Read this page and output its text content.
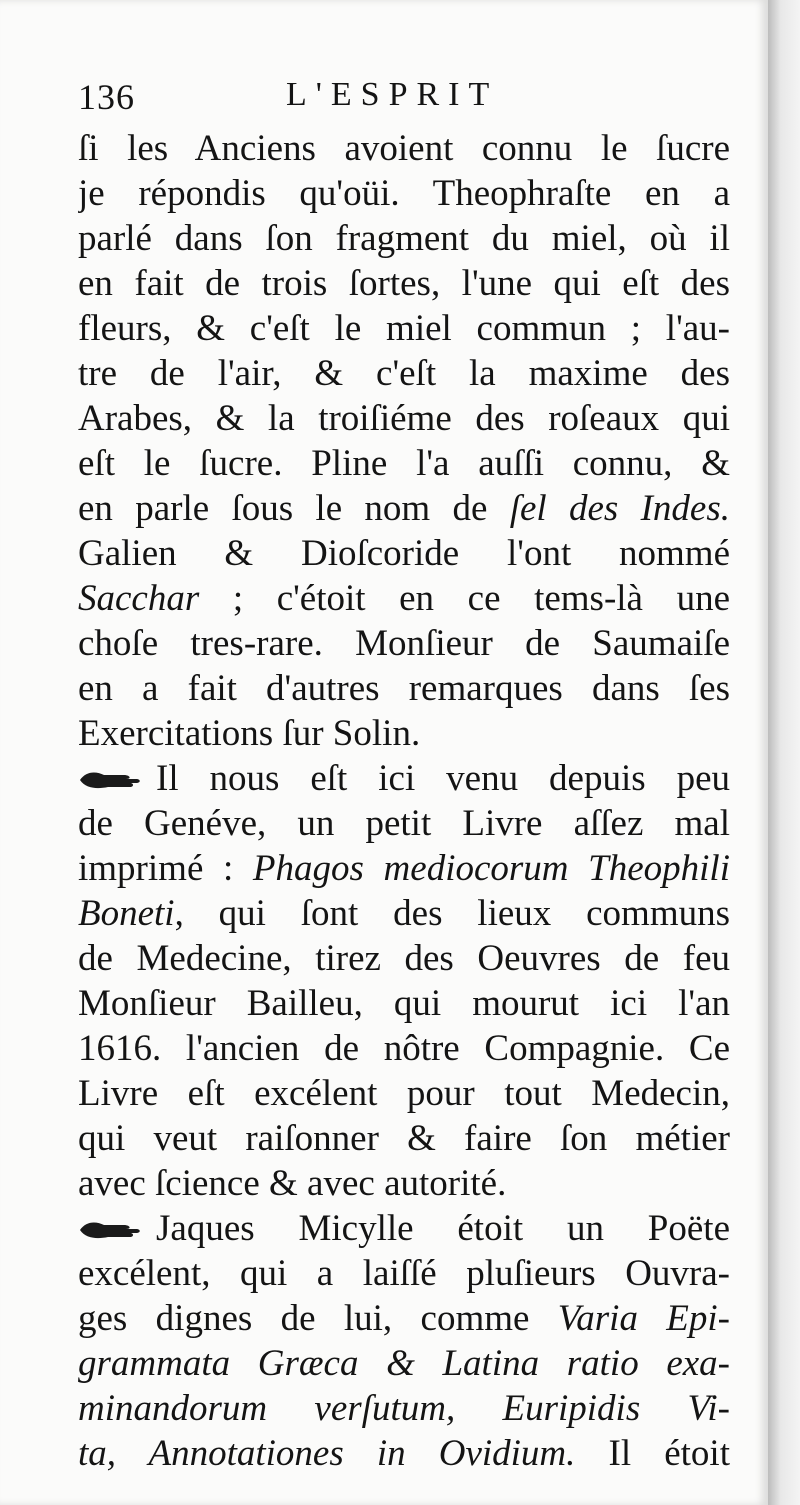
136	L'ESPRIT
ſi les Anciens avoient connu le ſucre
je répondis qu'oüi. Theophraſte en a
parlé dans ſon fragment du miel, où il
en fait de trois ſortes, l'une qui eſt des
fleurs, & c'eſt le miel commun ; l'au-
tre de l'air, & c'eſt la maxime des
Arabes, & la troiſiéme des roſeaux qui
eſt le ſucre. Pline l'a auſſi connu, &
en parle ſous le nom de ſel des Indes.
Galien & Dioſcoride l'ont nommé
Sacchar ; c'étoit en ce tems-là une
choſe tres-rare. Monſieur de Saumaiſe
en a fait d'autres remarques dans ſes
Exercitations ſur Solin.
Il nous eſt ici venu depuis peu
de Genéve, un petit Livre aſſez mal
imprimé : Phagos mediocorum Theophili
Boneti, qui ſont des lieux communs
de Medecine, tirez des Oeuvres de feu
Monſieur Bailleu, qui mourut ici l'an
1616. l'ancien de nôtre Compagnie. Ce
Livre eſt excélent pour tout Medecin,
qui veut raiſonner & faire ſon métier
avec ſcience & avec autorité.
Jaques Micylle étoit un Poëte
excélent, qui a laiſſé pluſieurs Ouvra-
ges dignes de lui, comme Varia Epi-
grammata Græca & Latina ratio exa-
minandorum verſutum, Euripidis Vi-
ta, Annotationes in Ovidium. Il étoit
